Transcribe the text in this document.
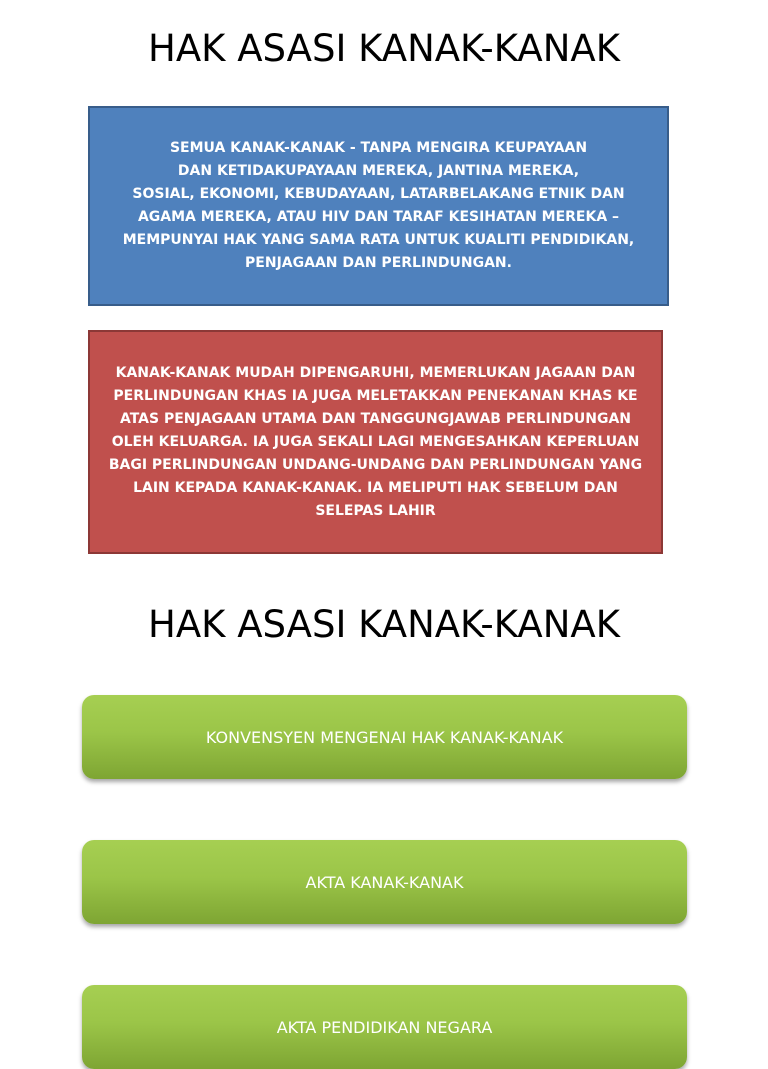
HAK ASASI KANAK-KANAK
SEMUA KANAK-KANAK - TANPA MENGIRA KEUPAYAAN
DAN KETIDAKUPAYAAN MEREKA, JANTINA MEREKA,
SOSIAL, EKONOMI, KEBUDAYAAN, LATARBELAKANG ETNIK DAN
AGAMA MEREKA, ATAU HIV DAN TARAF KESIHATAN MEREKA –
MEMPUNYAI HAK YANG SAMA RATA UNTUK KUALITI PENDIDIKAN,
PENJAGAAN DAN PERLINDUNGAN.
KANAK-KANAK MUDAH DIPENGARUHI, MEMERLUKAN JAGAAN DAN
PERLINDUNGAN KHAS IA JUGA MELETAKKAN PENEKANAN KHAS KE
ATAS PENJAGAAN UTAMA DAN TANGGUNGJAWAB PERLINDUNGAN
OLEH KELUARGA. IA JUGA SEKALI LAGI MENGESAHKAN KEPERLUAN
BAGI PERLINDUNGAN UNDANG-UNDANG DAN PERLINDUNGAN YANG
LAIN KEPADA KANAK-KANAK. IA MELIPUTI HAK SEBELUM DAN
SELEPAS LAHIR
HAK ASASI KANAK-KANAK
KONVENSYEN MENGENAI HAK KANAK-KANAK
AKTA KANAK-KANAK
AKTA PENDIDIKAN NEGARA
